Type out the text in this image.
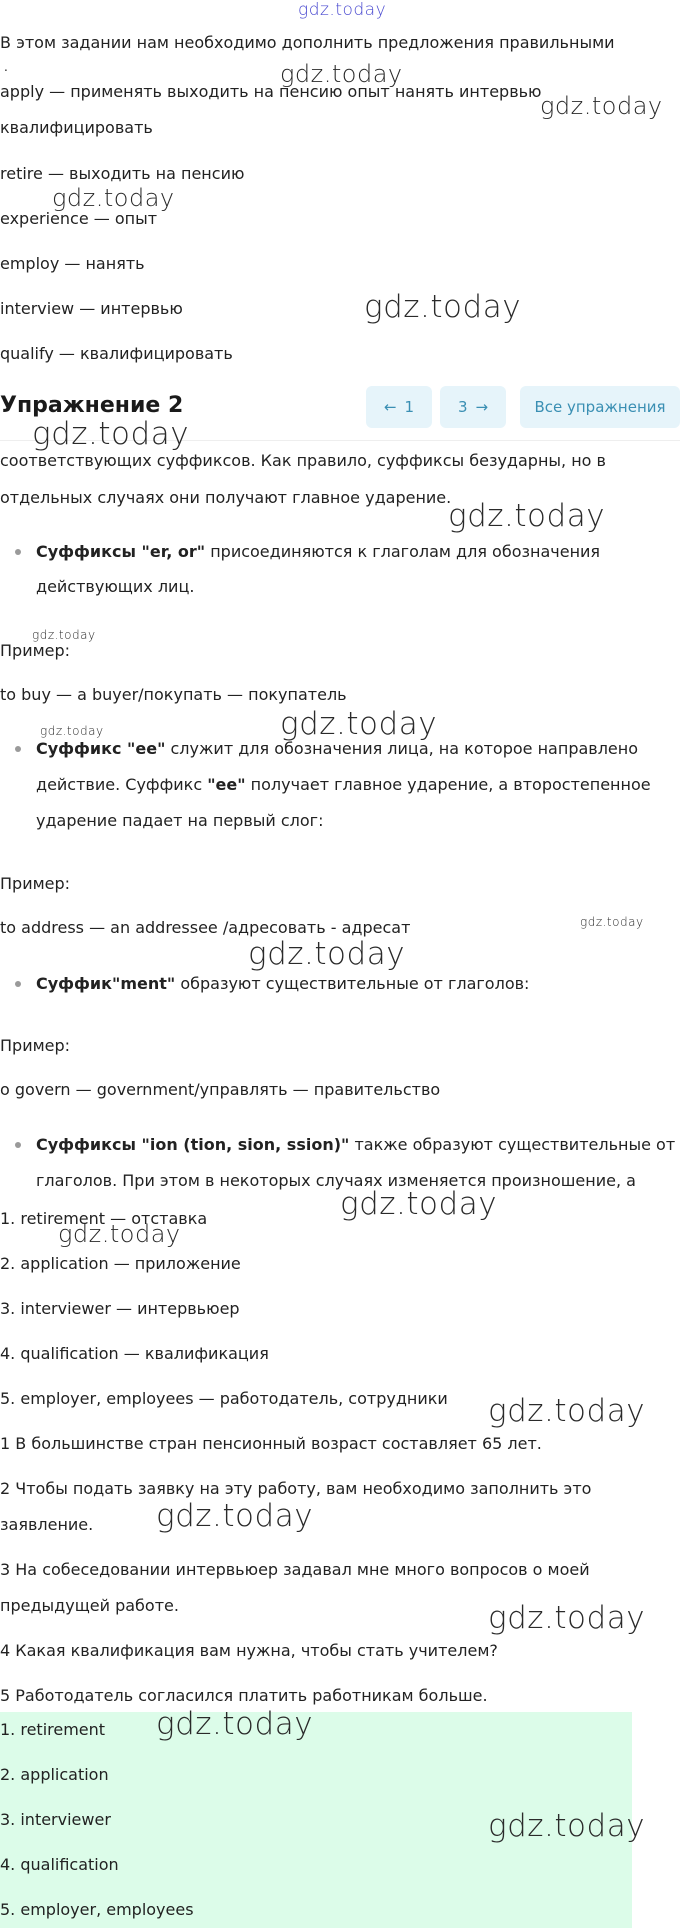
gdz.today
В этом задании нам необходимо дополнить предложения правильными
.
apply — применять выходить на пенсию опыт нанять интервью
квалифицировать
retire — выходить на пенсию
experience — опыт
employ — нанять
interview — интервью
qualify — квалифицировать
Упражнение 2	← 1	3 →	Все упражнения
соответствующих суффиксов. Как правило, суффиксы безударны, но в
отдельных случаях они получают главное ударение.
Суффиксы "er, or" присоединяются к глаголам для обозначения
действующих лиц.
Пример:
to buy — a buyer/покупать — покупатель
Суффикс "ee" служит для обозначения лица, на которое направлено
действие. Суффикс "ee" получает главное ударение, а второстепенное
ударение падает на первый слог:
Пример:
to address — an addressee /адресовать - адресат
Суффик"ment" образуют существительные от глаголов:
Пример:
o govern — government/управлять — правительство
Суффиксы "ion (tion, sion, ssion)" также образуют существительные от
глаголов. При этом в некоторых случаях изменяется произношение, а
1. retirement — отставка
2. application — приложение
3. interviewer — интервьюер
4. qualification — квалификация
5. employer, employees — работодатель, сотрудники
1 В большинстве стран пенсионный возраст составляет 65 лет.
2 Чтобы подать заявку на эту работу, вам необходимо заполнить это
заявление.
3 На собеседовании интервьюер задавал мне много вопросов о моей
предыдущей работе.
4 Какая квалификация вам нужна, чтобы стать учителем?
5 Работодатель согласился платить работникам больше.
1. retirement
2. application
3. interviewer
4. qualification
5. employer, employees
gdz.today
gdz.today
gdz.today
gdz.today
gdz.today
gdz.today
gdz.today
gdz.today	gdz.today
gdz.today
gdz.today
gdz.today
gdz.today
gdz.today
gdz.today
gdz.today
gdz.today
gdz.today
